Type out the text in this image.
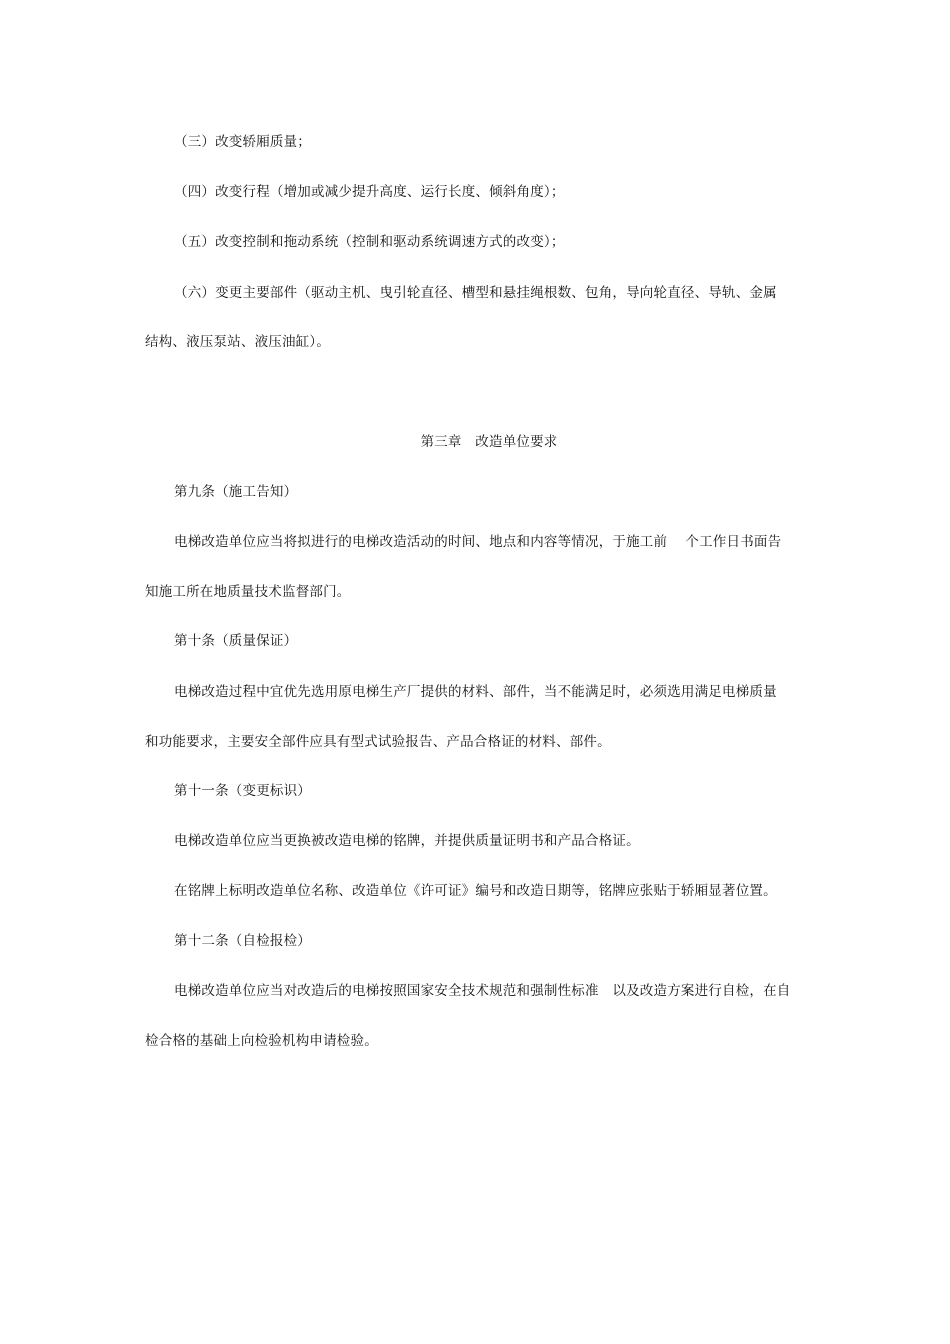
（三）改变轿厢质量；
（四）改变行程（增加或减少提升高度、运行长度、倾斜角度）；
（五）改变控制和拖动系统（控制和驱动系统调速方式的改变）；
（六）变更主要部件（驱动主机、曳引轮直径、槽型和悬挂绳根数、包角，导向轮直径、导轨、金属
结构、液压泵站、液压油缸）。
第三章　改造单位要求
第九条（施工告知）
电梯改造单位应当将拟进行的电梯改造活动的时间、地点和内容等情况，于施工前　 个工作日书面告
知施工所在地质量技术监督部门。
第十条（质量保证）
电梯改造过程中宜优先选用原电梯生产厂提供的材料、部件，当不能满足时，必须选用满足电梯质量
和功能要求，主要安全部件应具有型式试验报告、产品合格证的材料、部件。
第十一条（变更标识）
电梯改造单位应当更换被改造电梯的铭牌，并提供质量证明书和产品合格证。
在铭牌上标明改造单位名称、改造单位《许可证》编号和改造日期等，铭牌应张贴于轿厢显著位置。
第十二条（自检报检）
电梯改造单位应当对改造后的电梯按照国家安全技术规范和强制性标准　以及改造方案进行自检，在自
检合格的基础上向检验机构申请检验。
